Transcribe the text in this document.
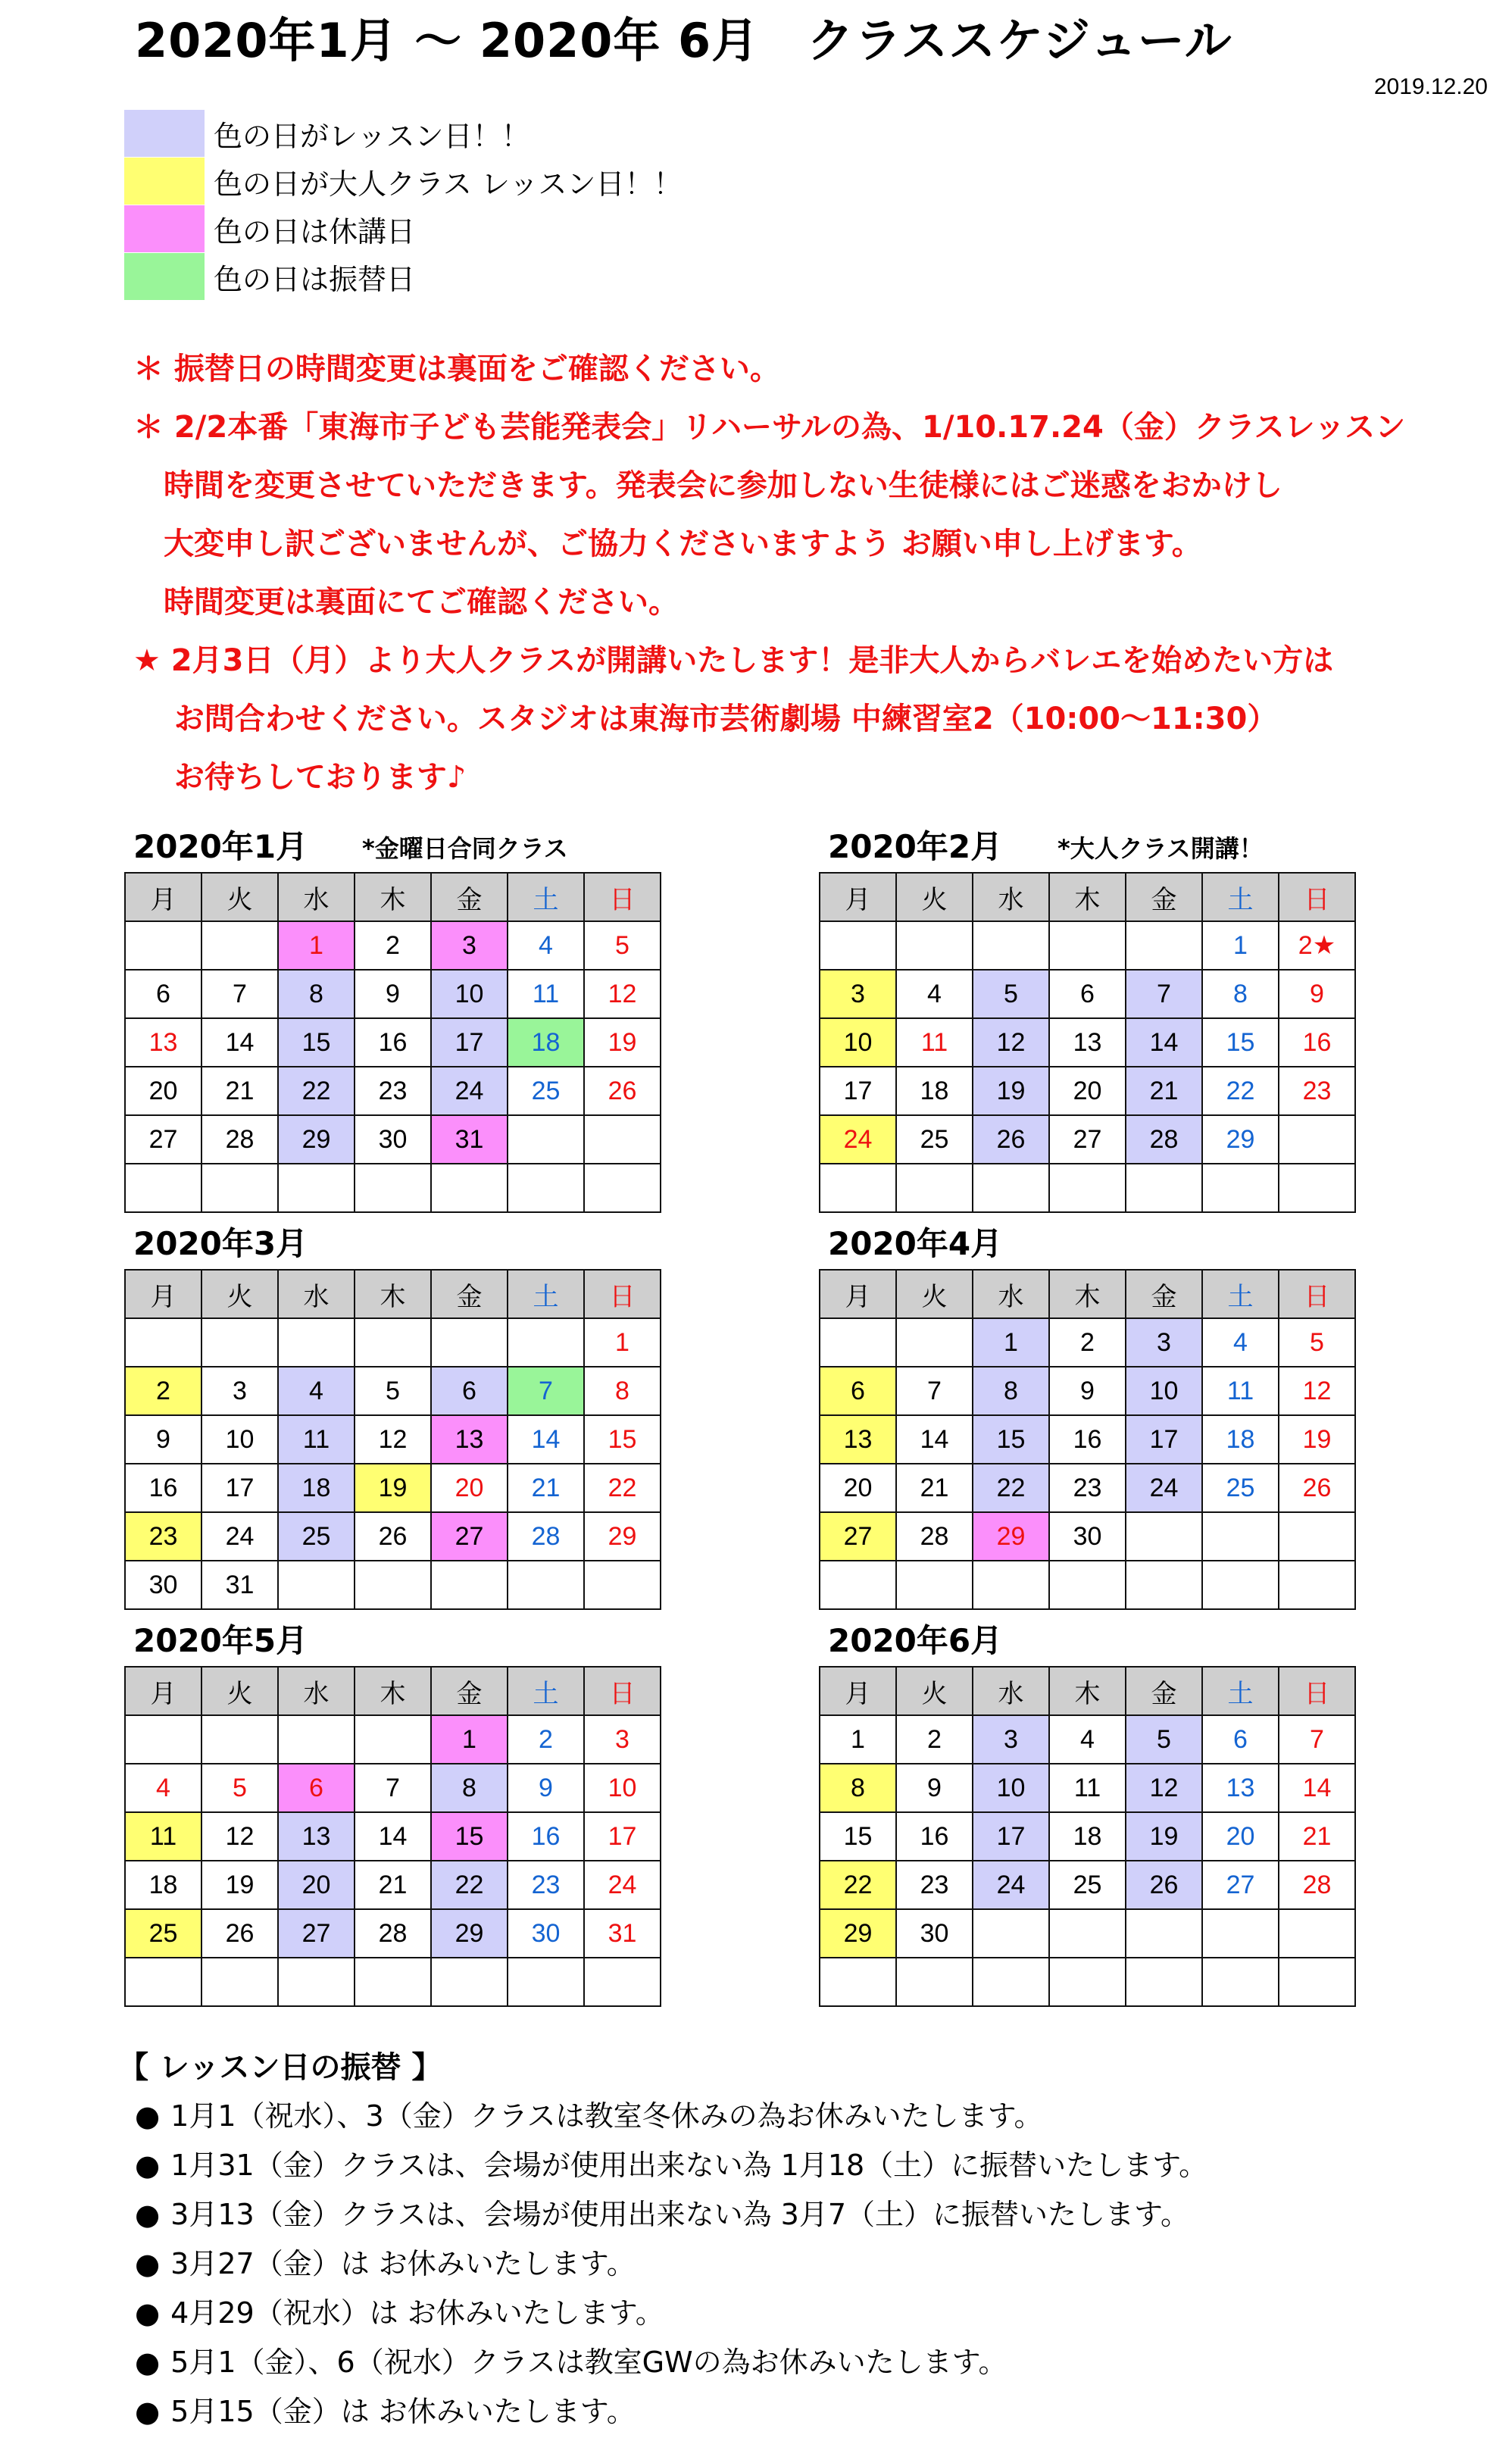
2020年1月 ～ 2020年 6月　クラススケジュール
2019.12.20
色の日がレッスン日！！
色の日が大人クラス レッスン日！！
色の日は休講日
色の日は振替日
＊ 振替日の時間変更は裏面をご確認ください。
＊ 2/2本番「東海市子ども芸能発表会」リハーサルの為、1/10.17.24（金）クラスレッスン
　時間を変更させていただきます。発表会に参加しない生徒様にはご迷惑をおかけし
　大変申し訳ございませんが、ご協力くださいますよう お願い申し上げます。
　時間変更は裏面にてご確認ください。
★ 2月3日（月）より大人クラスが開講いたします！是非大人からバレエを始めたい方は
　 お問合わせください。スタジオは東海市芸術劇場 中練習室2（10:00～11:30）
　 お待ちしております♪
2020年1月 *金曜日合同クラス	2020年2月 *大人クラス開講！
2020年3月	2020年4月
2020年5月	2020年6月
月	火	水	木	金	土	日
		1	2	3	4	5
6	7	8	9	10	11	12
13	14	15	16	17	18	19
20	21	22	23	24	25	26
27	28	29	30	31		

月	火	水	木	金	土	日
					1	2★
3	4	5	6	7	8	9
10	11	12	13	14	15	16
17	18	19	20	21	22	23
24	25	26	27	28	29	

月	火	水	木	金	土	日
						1
2	3	4	5	6	7	8
9	10	11	12	13	14	15
16	17	18	19	20	21	22
23	24	25	26	27	28	29
30	31					
月	火	水	木	金	土	日
		1	2	3	4	5
6	7	8	9	10	11	12
13	14	15	16	17	18	19
20	21	22	23	24	25	26
27	28	29	30			

月	火	水	木	金	土	日
				1	2	3
4	5	6	7	8	9	10
11	12	13	14	15	16	17
18	19	20	21	22	23	24
25	26	27	28	29	30	31

月	火	水	木	金	土	日
1	2	3	4	5	6	7
8	9	10	11	12	13	14
15	16	17	18	19	20	21
22	23	24	25	26	27	28
29	30					

【 レッスン日の振替 】
● 1月1（祝水）、3（金）クラスは教室冬休みの為お休みいたします。
● 1月31（金）クラスは、会場が使用出来ない為 1月18（土）に振替いたします。
● 3月13（金）クラスは、会場が使用出来ない為 3月7（土）に振替いたします。
● 3月27（金）は お休みいたします。
● 4月29（祝水）は お休みいたします。
● 5月1（金）、6（祝水）クラスは教室GWの為お休みいたします。
● 5月15（金）は お休みいたします。
